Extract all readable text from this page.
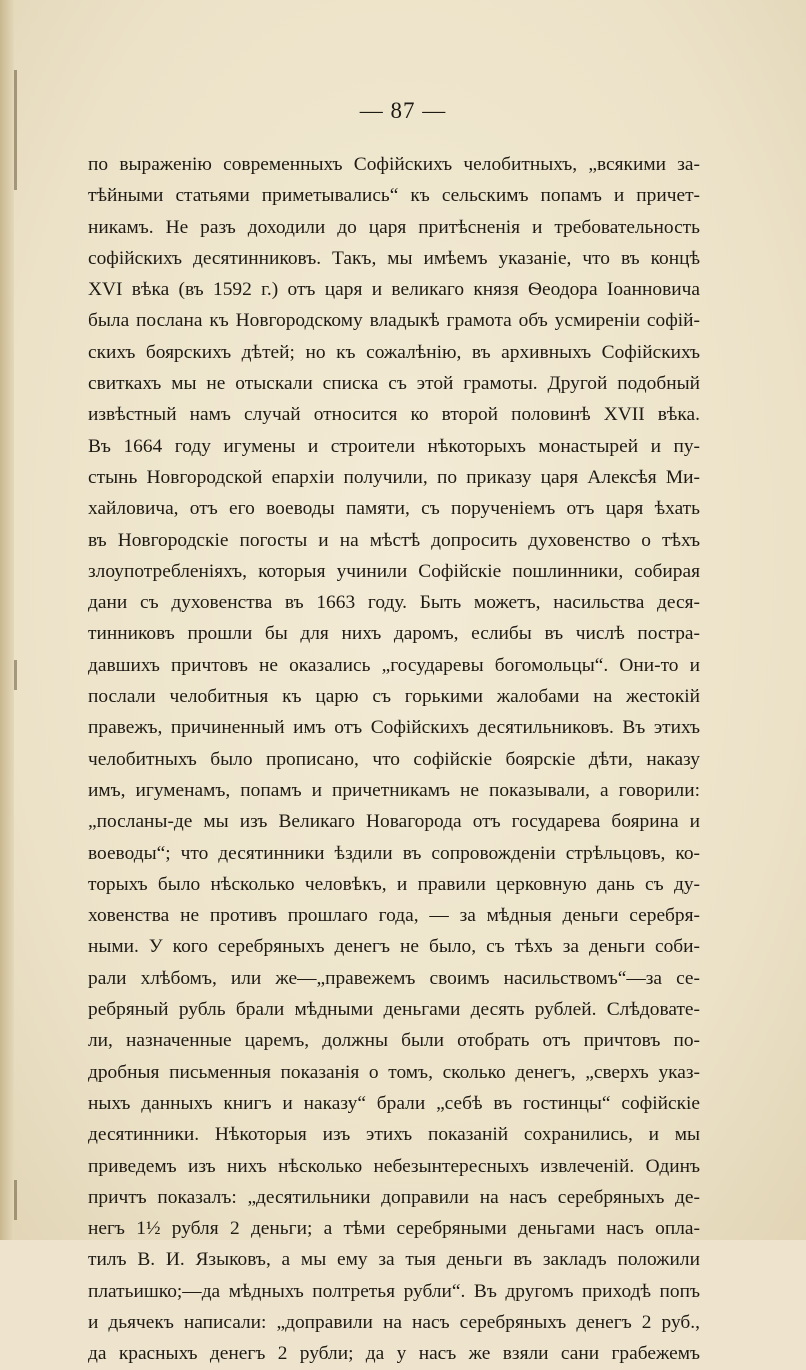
— 87 —
по выраженію современныхъ Софійскихъ челобитныхъ, „всякими за-
тѣйными статьями приметывались“ къ сельскимъ попамъ и причет-
никамъ. Не разъ доходили до царя притѣсненія и требовательность
софійскихъ десятинниковъ. Такъ, мы имѣемъ указаніе, что въ концѣ
XVI вѣка (въ 1592 г.) отъ царя и великаго князя Ѳеодора Іоанновича
была послана къ Новгородскому владыкѣ грамота объ усмиреніи софій-
скихъ боярскихъ дѣтей; но къ сожалѣнію, въ архивныхъ Софійскихъ
свиткахъ мы не отыскали списка съ этой грамоты. Другой подобный
извѣстный намъ случай относится ко второй половинѣ XVII вѣка.
Въ 1664 году игумены и строители нѣкоторыхъ монастырей и пу-
стынь Новгородской епархіи получили, по приказу царя Алексѣя Ми-
хайловича, отъ его воеводы памяти, съ порученіемъ отъ царя ѣхать
въ Новгородскіе погосты и на мѣстѣ допросить духовенство о тѣхъ
злоупотребленіяхъ, которыя учинили Софійскіе пошлинники, собирая
дани съ духовенства въ 1663 году. Быть можетъ, насильства деся-
тинниковъ прошли бы для нихъ даромъ, еслибы въ числѣ постра-
давшихъ причтовъ не оказались „государевы богомольцы“. Они-то и
послали челобитныя къ царю съ горькими жалобами на жестокій
правежъ, причиненный имъ отъ Софійскихъ десятильниковъ. Въ этихъ
челобитныхъ было прописано, что софійскіе боярскіе дѣти, наказу
имъ, игуменамъ, попамъ и причетникамъ не показывали, а говорили:
„посланы-де мы изъ Великаго Новагорода отъ государева боярина и
воеводы“; что десятинники ѣздили въ сопровожденіи стрѣльцовъ, ко-
торыхъ было нѣсколько человѣкъ, и правили церковную дань съ ду-
ховенства не противъ прошлаго года, — за мѣдныя деньги серебря-
ными. У кого серебряныхъ денегъ не было, съ тѣхъ за деньги соби-
рали хлѣбомъ, или же—„правежемъ своимъ насильствомъ“—за се-
ребряный рубль брали мѣдными деньгами десять рублей. Слѣдовате-
ли, назначенные царемъ, должны были отобрать отъ причтовъ по-
дробныя письменныя показанія о томъ, сколько денегъ, „сверхъ указ-
ныхъ данныхъ книгъ и наказу“ брали „себѣ въ гостинцы“ софійскіе
десятинники. Нѣкоторыя изъ этихъ показаній сохранились, и мы
приведемъ изъ нихъ нѣсколько небезынтересныхъ извлеченій. Одинъ
причтъ показалъ: „десятильники доправили на насъ серебряныхъ де-
негъ 1½ рубля 2 деньги; а тѣми серебряными деньгами насъ опла-
тилъ В. И. Языковъ, а мы ему за тыя деньги въ закладъ положили
платьишко;—да мѣдныхъ полтретья рубли“. Въ другомъ приходѣ попъ
и дьячекъ написали: „доправили на насъ серебряныхъ денегъ 2 руб.,
да красныхъ денегъ 2 рубли; да у насъ же взяли сани грабежемъ
